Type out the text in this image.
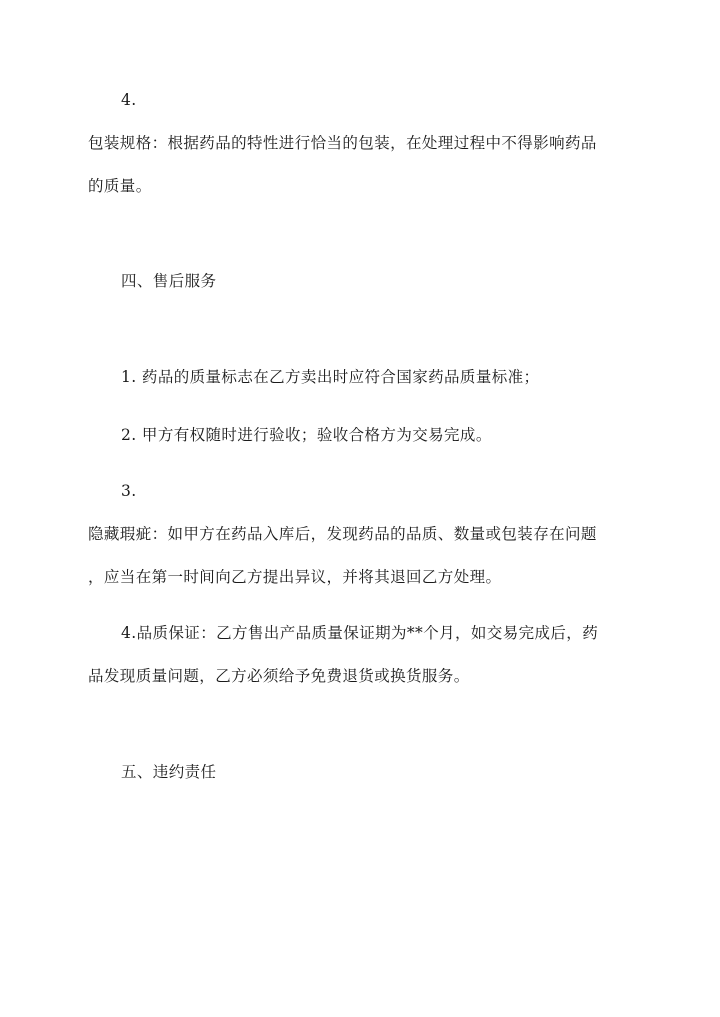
4.
包装规格：根据药品的特性进行恰当的包装，在处理过程中不得影响药品
的质量。
四、售后服务
1. 药品的质量标志在乙方卖出时应符合国家药品质量标准；
2. 甲方有权随时进行验收；验收合格方为交易完成。
3.
隐藏瑕疵：如甲方在药品入库后，发现药品的品质、数量或包装存在问题
，应当在第一时间向乙方提出异议，并将其退回乙方处理。
4.品质保证：乙方售出产品质量保证期为**个月，如交易完成后，药
品发现质量问题，乙方必须给予免费退货或换货服务。
五、违约责任
